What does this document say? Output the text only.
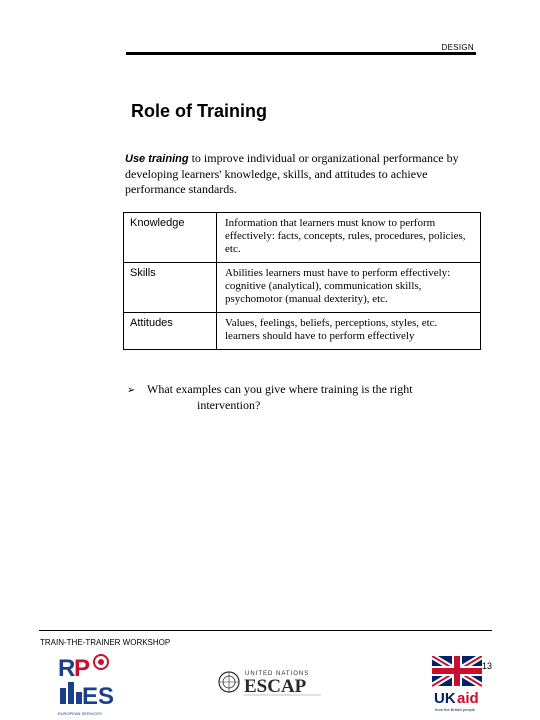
DESIGN
Role of Training
Use training to improve individual or organizational performance by developing learners' knowledge, skills, and attitudes to achieve performance standards.
Knowledge	Information that learners must know to perform effectively: facts, concepts, rules, procedures, policies, etc.
Skills	Abilities learners must have to perform effectively: cognitive (analytical), communication skills, psychomotor (manual dexterity), etc.
Attitudes	Values, feelings, beliefs, perceptions, styles, etc. learners should have to perform effectively
➢ What examples can you give where training is the right
intervention?
TRAIN-THE-TRAINER WORKSHOP
13
R
P
ES
EUROPEAN SERVICES
UNITED NATIONS
ESCAP
UK aid
from the British people
